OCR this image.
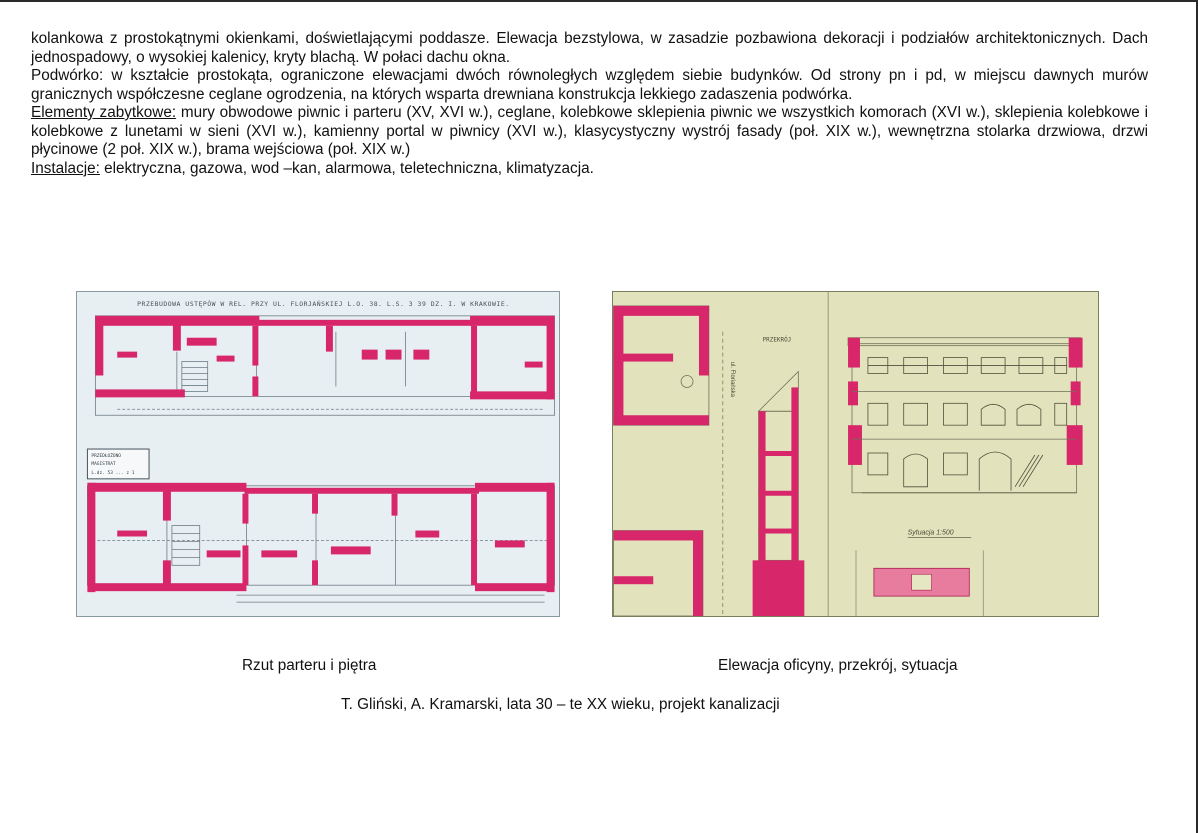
kolankowa z prostokątnymi okienkami, doświetlającymi poddasze. Elewacja bezstylowa, w zasadzie pozbawiona dekoracji i podziałów architektonicznych. Dach jednospadowy, o wysokiej kalenicy, kryty blachą. W połaci dachu okna.

Podwórko: w kształcie prostokąta, ograniczone elewacjami dwóch równoległych względem siebie budynków. Od strony pn i pd, w miejscu dawnych murów granicznych współczesne ceglane ogrodzenia, na których wsparta drewniana konstrukcja lekkiego zadaszenia podwórka.

Elementy zabytkowe: mury obwodowe piwnic i parteru (XV, XVI w.), ceglane, kolebkowe sklepienia piwnic we wszystkich komorach (XVI w.), sklepienia kolebkowe i kolebkowe z lunetami w sieni (XVI w.), kamienny portal w piwnicy (XVI w.), klasycystyczny wystrój fasady (poł. XIX w.), wewnętrzna stolarka drzwiowa, drzwi płycinowe (2 poł. XIX w.), brama wejściowa (poł. XIX w.)

Instalacje: elektryczna, gazowa, wod –kan, alarmowa, teletechniczna, klimatyzacja.

PRZEBUDOWA USTĘPÓW W REL. PRZY UL. FLORJAŃSKIEJ L.O. 38. L.S. 3 39 DZ. I. W KRAKOWIE.
PRZEDŁOŻONO
MAGISTRAT
L.dz. 53 ... z 1
ul. Floriańska
PRZEKRÓJ
Sytuacja 1:500
Rzut parteru i piętra	Elewacja oficyny, przekrój, sytuacja
T. Gliński, A. Kramarski, lata 30 – te XX wieku, projekt kanalizacji
